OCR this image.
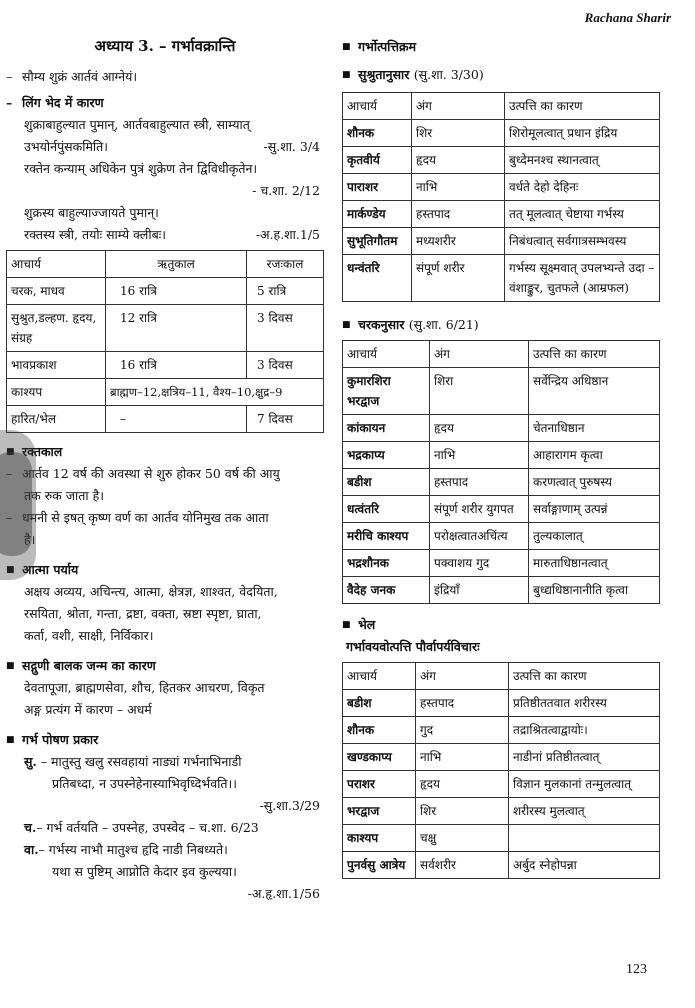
Rachana Sharir
अध्याय 3. – गर्भावक्रान्ति
– सौम्य शुक्रं आर्तवं आग्नेयं।
– लिंग भेद में कारण
शुक्राबाहुल्यात पुमान्, आर्तवबाहुल्यात स्त्री, साम्यात्
उभयोर्नपुंसकमिति।	-सु.शा. 3/4
रक्तेन कन्याम् अधिकेन पुत्रं शुक्रेण तेन द्विविधीकृतेन।
- च.शा. 2/12
शुक्रस्य बाहुल्याज्जायते पुमान्।
रक्तस्य स्त्री, तयोः साम्ये क्लीबः।	-अ.ह.शा.1/5
आचार्य	ऋतुकाल	रजःकाल
चरक, माधव	16 रात्रि	5 रात्रि
सुश्रुत,डल्हण. हृदय, संग्रह	12 रात्रि	3 दिवस
भावप्रकाश	16 रात्रि	3 दिवस
काश्यप	ब्राह्मण–12,क्षत्रिय–11, वैश्य–10,क्षुद्र–9	
हारित/भेल	–	7 दिवस
■ रक्तकाल
– आर्तव 12 वर्ष की अवस्था से शुरु होकर 50 वर्ष की आयु
तक रुक जाता है।
– धमनी से इषत् कृष्ण वर्ण का आर्तव योनिमुख तक आता
है।
■ आत्मा पर्याय
अक्षय अव्यय, अचिन्त्य, आत्मा, क्षेत्रज्ञ, शाश्वत, वेदयिता,
रसयिता, श्रोता, गन्ता, द्रष्टा, वक्ता, स्रष्टा स्पृष्टा, घ्राता,
कर्ता, वशी, साक्षी, निर्विकार।
■ सद्गुणी बालक जन्म का कारण
देवतापूजा, ब्राह्मणसेवा, शौच, हितकर आचरण, विकृत
अङ्ग प्रत्यंग में कारण – अधर्म
■ गर्भ पोषण प्रकार
सु. – मातुस्तु खलु रसवहायां नाड्यां गर्भनाभिनाडी
प्रतिबध्दा, न उपस्नेहेनास्याभिवृध्दिर्भवति।।
-सु.शा.3/29
च.– गर्भ वर्तयति – उपस्नेह, उपस्वेद – च.शा. 6/23
वा.– गर्भस्य नाभौ मातुश्च हृदि नाडी निबध्यते।
यथा स पुष्टिम् आप्नोति केदार इव कुल्यया।
-अ.हृ.शा.1/56
■ गर्भोत्पत्तिक्रम
■ सुश्रुतानुसार
(सु.शा. 3/30)
आचार्य	अंग	उत्पत्ति का कारण
शौनक	शिर	शिरोमूलत्वात् प्रधान इंद्रिय
कृतवीर्य	हृदय	बुध्देमनश्च स्थानत्वात्
पाराशर	नाभि	वर्धते देहो देहिनः
मार्कण्डेय	हस्तपाद	तत् मूलत्वात् चेष्टाया गर्भस्य
सुभूतिगौतम	मध्यशरीर	निबंधत्वात् सर्वगात्रसम्भवस्य
धन्वंतरि	संपूर्ण शरीर	गर्भस्य सूक्ष्मवात् उपलभ्यन्ते उदा – वंशाङ्कुर, चुतफले (आम्रफल)
■ चरकनुसार
(सु.शा. 6/21)
आचार्य	अंग	उत्पत्ति का कारण
कुमारशिरा भरद्वाज	शिरा	सर्वेन्द्रिय अधिष्ठान
कांकायन	हृदय	चेतनाधिष्ठान
भद्रकाप्य	नाभि	आहारागम कृत्वा
बडीश	हस्तपाद	करणत्वात् पुरुषस्य
धत्वंतरि	संपूर्ण शरीर युगपत	सर्वाङ्गाणाम् उत्पन्नं
मरीचि काश्यप	परोक्षत्वातअचिंत्य	तुल्यकालात्
भद्रशौनक	पक्वाशय गुद	मारुताधिष्ठानत्वात्
वैदेह जनक	इंद्रियाँ	बुध्द्यधिष्ठानानीति कृत्वा
■ भेल
गर्भावयवोत्पत्ति पौर्वापर्यविचारः
आचार्य	अंग	उत्पत्ति का कारण
बडीश	हस्तपाद	प्रतिष्ठीततवात शरीरस्य
शौनक	गुद	तद्राश्रितत्वाद्वायोः।
खण्डकाप्य	नाभि	नाडीनां प्रतिष्ठीतत्वात्
पराशर	हृदय	विज्ञान मुलकानां तन्मुलत्वात्
भरद्वाज	शिर	शरीरस्य मुलत्वात्
काश्यप	चक्षु	
पुनर्वसु आत्रेय	सर्वशरीर	अर्बुद स्नेहोपन्ना
123
